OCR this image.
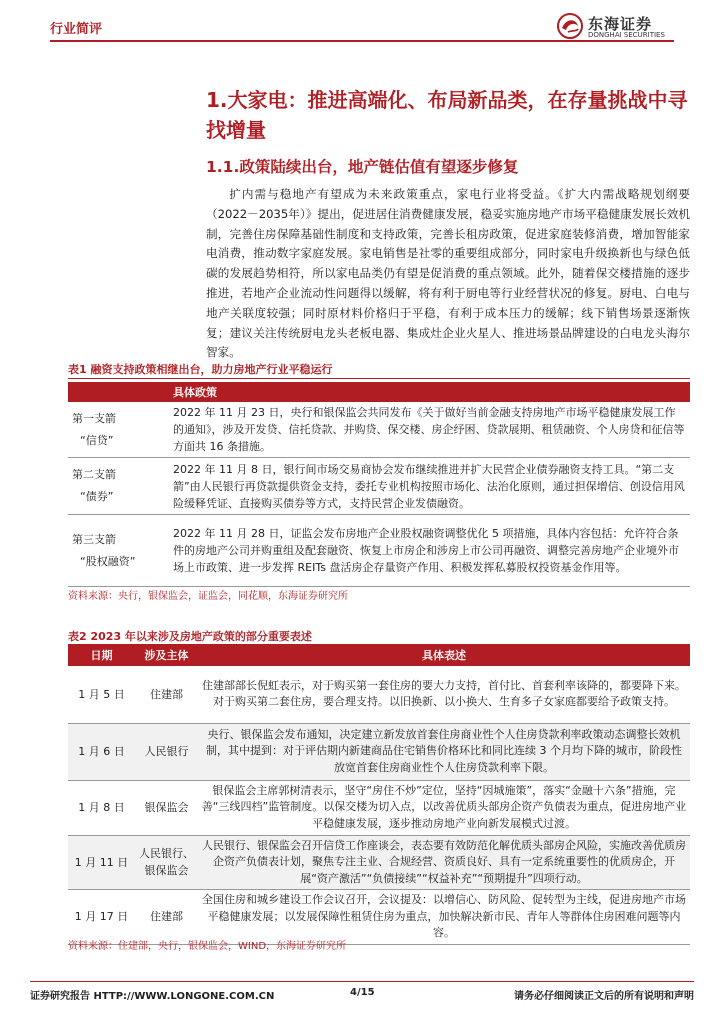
行业简评	东海证券
DONGHAI SECURITIES
1.大家电：推进高端化、布局新品类，在存量挑战中寻找增量
1.1.政策陆续出台，地产链估值有望逐步修复
扩内需与稳地产有望成为未来政策重点，家电行业将受益。《扩大内需战略规划纲要（2022－2035年）》提出，促进居住消费健康发展，稳妥实施房地产市场平稳健康发展长效机制，完善住房保障基础性制度和支持政策，完善长租房政策，促进家庭装修消费，增加智能家电消费，推动数字家庭发展。家电销售是社零的重要组成部分，同时家电升级换新也与绿色低碳的发展趋势相符，所以家电品类仍有望是促消费的重点领域。此外，随着保交楼措施的逐步推进，若地产企业流动性问题得以缓解，将有利于厨电等行业经营状况的修复。厨电、白电与地产关联度较强；同时原材料价格归于平稳，有利于成本压力的缓解；线下销售场景逐渐恢复；建议关注传统厨电龙头老板电器、集成灶企业火星人、推进场景品牌建设的白电龙头海尔智家。
表1 融资支持政策相继出台，助力房地产行业平稳运行
	具体政策

第一支箭
“信贷”	2022 年 11 月 23 日，央行和银保监会共同发布《关于做好当前金融支持房地产市场平稳健康发展工作的通知》，涉及开发贷、信托贷款、并购贷、保交楼、房企纾困、贷款展期、租赁融资、个人房贷和征信等方面共 16 条措施。

第二支箭
“债券”	2022 年 11 月 8 日，银行间市场交易商协会发布继续推进并扩大民营企业债券融资支持工具。“第二支箭”由人民银行再贷款提供资金支持，委托专业机构按照市场化、法治化原则，通过担保增信、创设信用风险缓释凭证、直接购买债券等方式，支持民营企业发债融资。

第三支箭
“股权融资”	2022 年 11 月 28 日，证监会发布房地产企业股权融资调整优化 5 项措施，具体内容包括：允许符合条件的房地产公司并购重组及配套融资、恢复上市房企和涉房上市公司再融资、调整完善房地产企业境外市场上市政策、进一步发挥 REITs 盘活房企存量资产作用、积极发挥私募股权投资基金作用等。
资料来源：央行，银保监会，证监会，同花顺，东海证券研究所
表2 2023 年以来涉及房地产政策的部分重要表述
日期	涉及主体	具体表述
1 月 5 日	住建部	住建部部长倪虹表示，对于购买第一套住房的要大力支持，首付比、首套利率该降的，都要降下来。对于购买第二套住房，要合理支持。以旧换新、以小换大、生育多子女家庭都要给予政策支持。
1 月 6 日	人民银行	央行、银保监会发布通知，决定建立新发放首套住房商业性个人住房贷款利率政策动态调整长效机制，其中提到：对于评估期内新建商品住宅销售价格环比和同比连续 3 个月均下降的城市，阶段性放宽首套住房商业性个人住房贷款利率下限。
1 月 8 日	银保监会	银保监会主席郭树清表示，坚守“房住不炒”定位，坚持“因城施策”，落实“金融十六条”措施，完善“三线四档”监管制度。以保交楼为切入点，以改善优质头部房企资产负债表为重点，促进房地产业平稳健康发展，逐步推动房地产业向新发展模式过渡。
1 月 11 日	人民银行、银保监会	人民银行、银保监会召开信贷工作座谈会，表态要有效防范化解优质头部房企风险，实施改善优质房企资产负债表计划，聚焦专注主业、合规经营、资质良好、具有一定系统重要性的优质房企，开展“资产激活”“负债接续”“权益补充”“预期提升”四项行动。
1 月 17 日	住建部	全国住房和城乡建设工作会议召开，会议提及：以增信心、防风险、促转型为主线，促进房地产市场平稳健康发展；以发展保障性租赁住房为重点，加快解决新市民、青年人等群体住房困难问题等内容。
资料来源：住建部，央行，银保监会，WIND，东海证券研究所
证券研究报告 HTTP://WWW.LONGONE.COM.CN	4/15	请务必仔细阅读正文后的所有说明和声明
